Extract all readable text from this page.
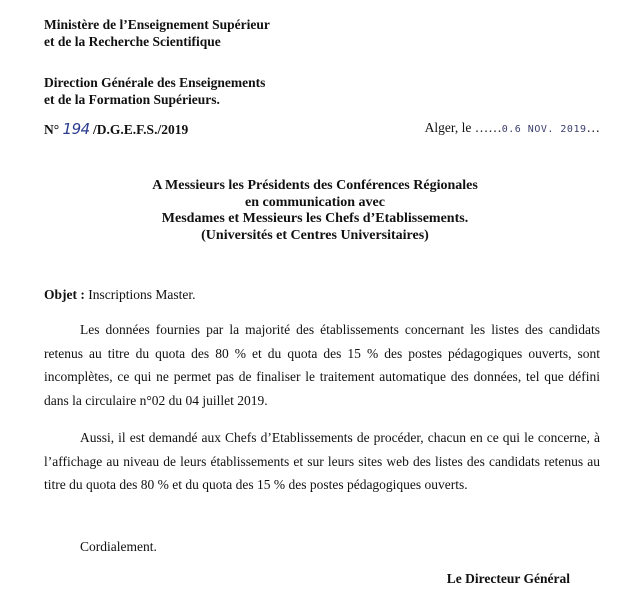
Ministère de l’Enseignement Supérieur
et de la Recherche Scientifique
Direction Générale des Enseignements
et de la Formation Supérieurs.
N° 194 /D.G.E.F.S./2019	Alger, le ……0.6 NOV. 2019…
A Messieurs les Présidents des Conférences Régionales
en communication avec
Mesdames et Messieurs les Chefs d’Etablissements.
(Universités et Centres Universitaires)
Objet : Inscriptions Master.
Les données fournies par la majorité des établissements concernant les listes des candidats retenus au titre du quota des 80 % et du quota des 15 % des postes pédagogiques ouverts, sont incomplètes, ce qui ne permet pas de finaliser le traitement automatique des données, tel que défini dans la circulaire n°02 du 04 juillet 2019.
Aussi, il est demandé aux Chefs d’Etablissements de procéder, chacun en ce qui le concerne, à l’affichage au niveau de leurs établissements et sur leurs sites web des listes des candidats retenus au titre du quota des 80 % et du quota des 15 % des postes pédagogiques ouverts.
Cordialement.
Le Directeur Général
